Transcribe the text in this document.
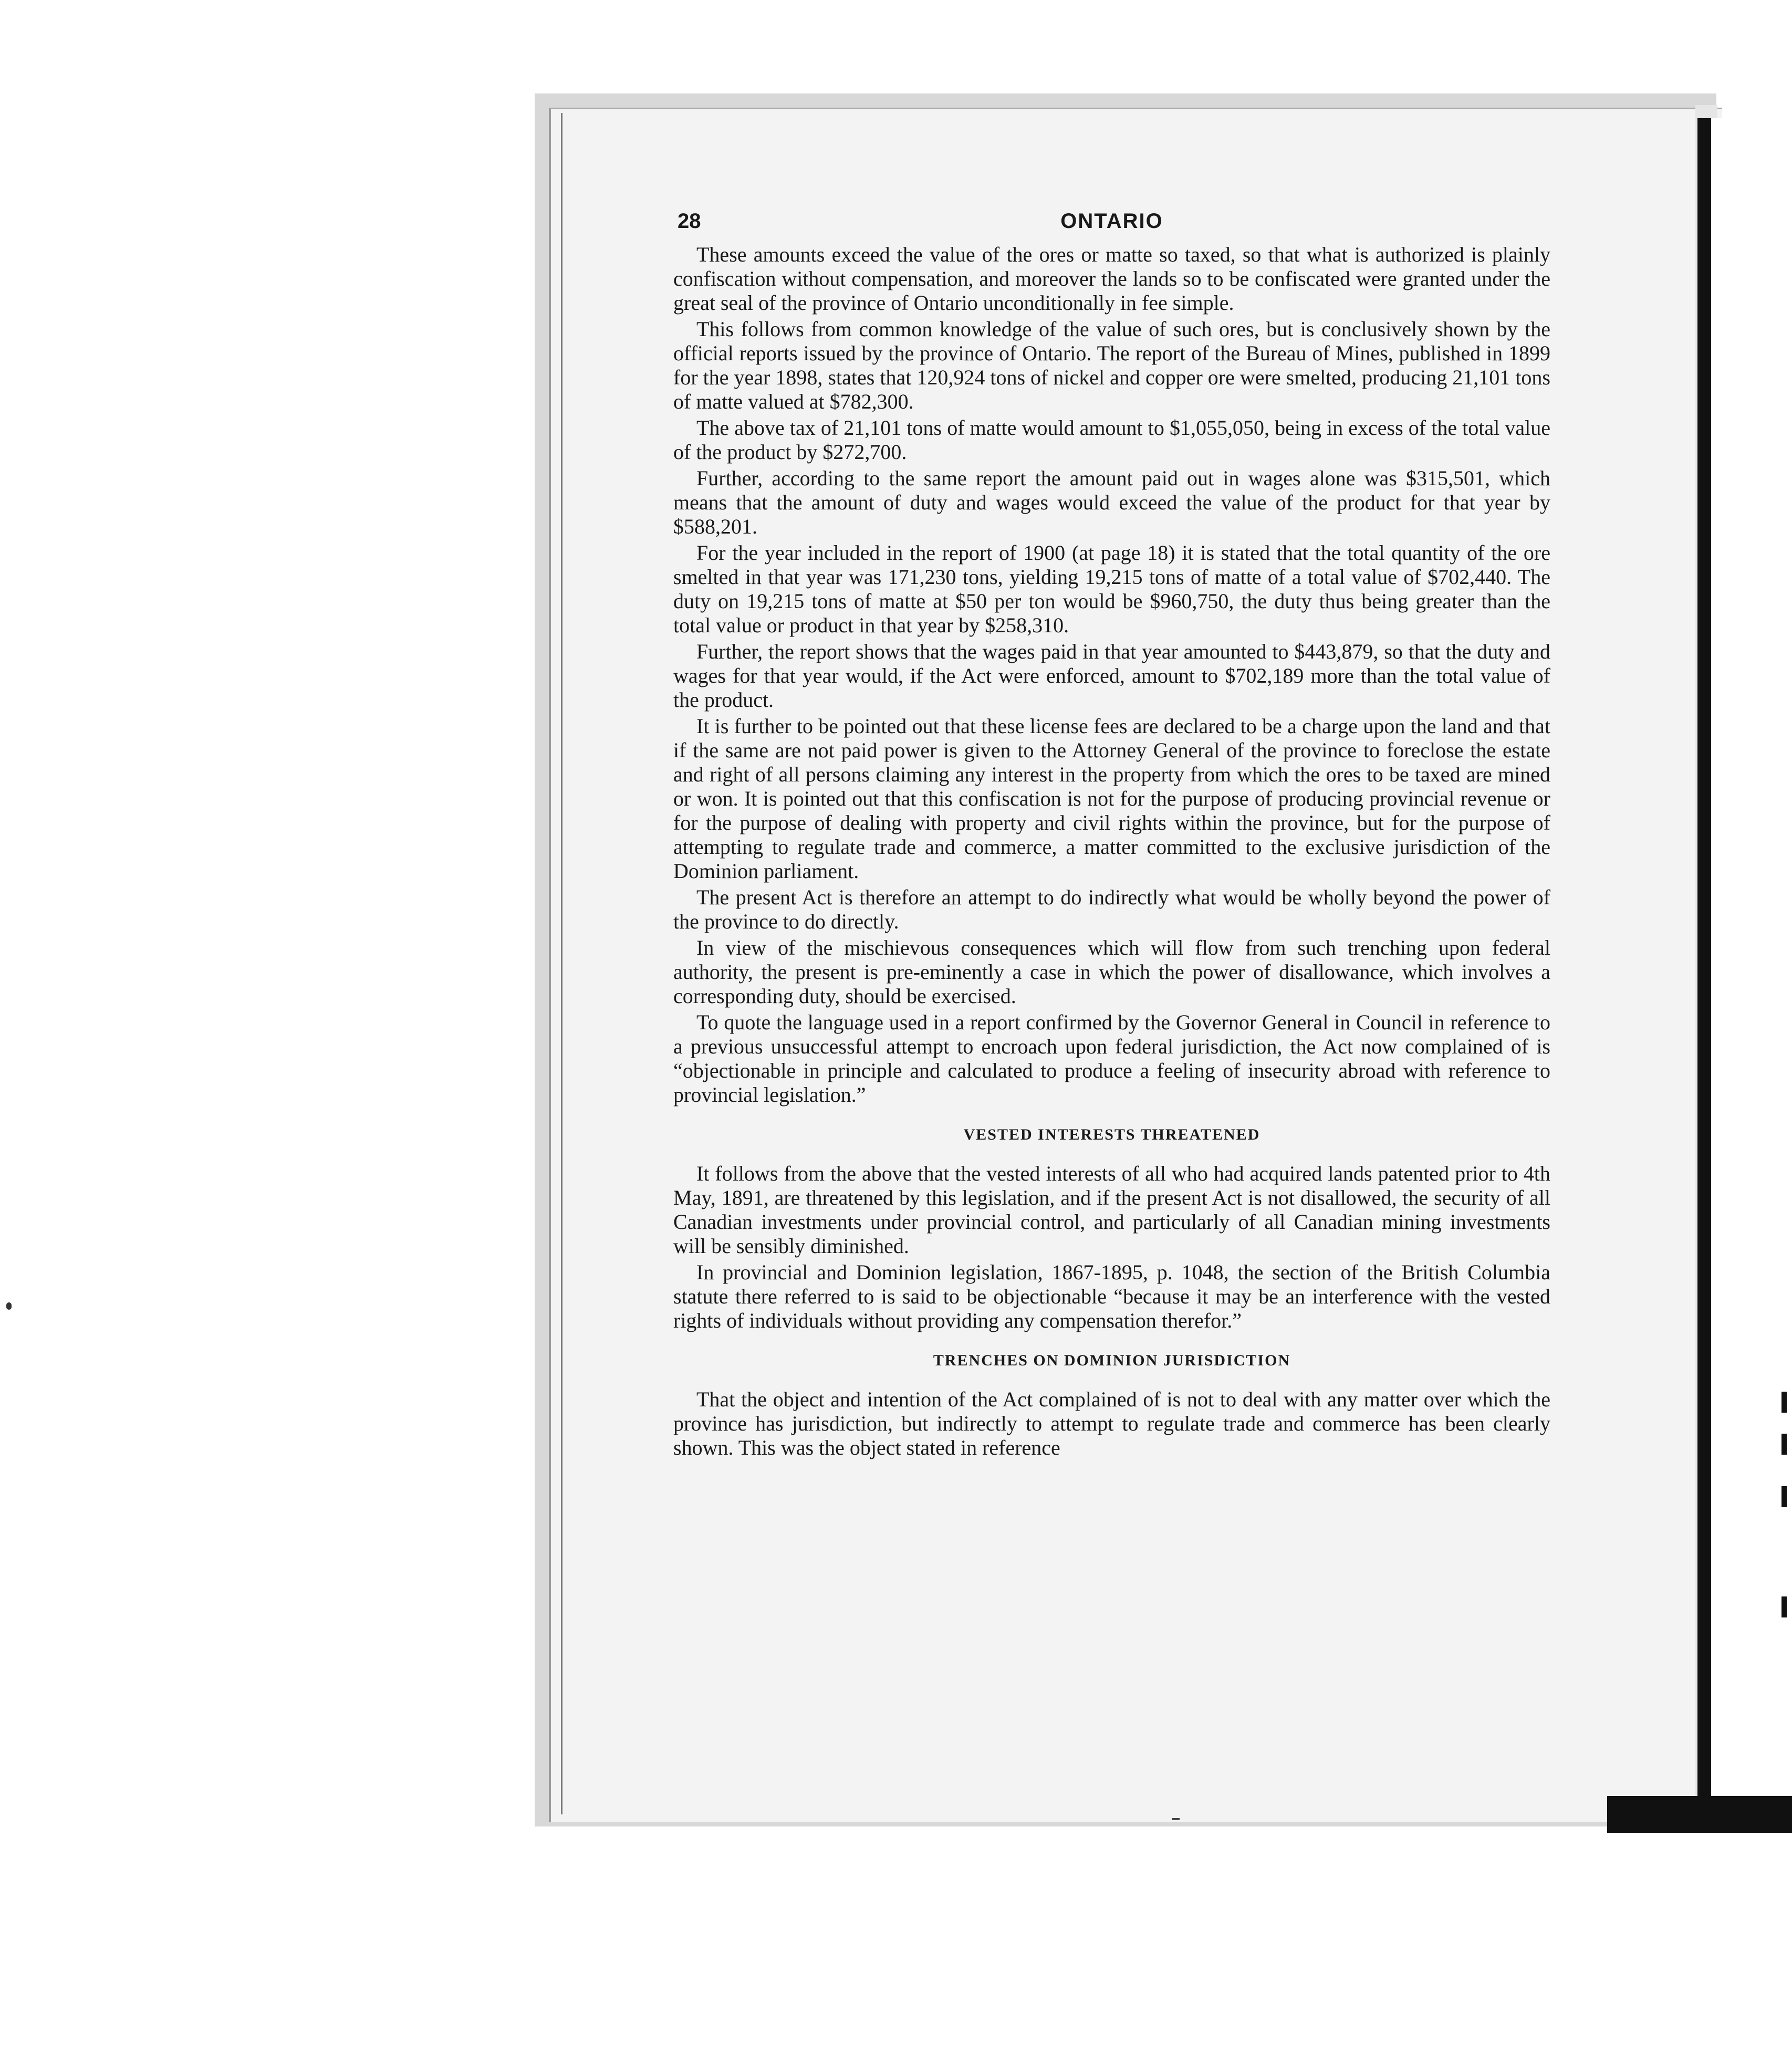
28	ONTARIO

These amounts exceed the value of the ores or matte so taxed, so that what is authorized is plainly confiscation without compensation, and moreover the lands so to be confiscated were granted under the great seal of the province of Ontario unconditionally in fee simple.

This follows from common knowledge of the value of such ores, but is conclusively shown by the official reports issued by the province of Ontario. The report of the Bureau of Mines, published in 1899 for the year 1898, states that 120,924 tons of nickel and copper ore were smelted, producing 21,101 tons of matte valued at $782,300.

The above tax of 21,101 tons of matte would amount to $1,055,050, being in excess of the total value of the product by $272,700.

Further, according to the same report the amount paid out in wages alone was $315,501, which means that the amount of duty and wages would exceed the value of the product for that year by $588,201.

For the year included in the report of 1900 (at page 18) it is stated that the total quantity of the ore smelted in that year was 171,230 tons, yielding 19,215 tons of matte of a total value of $702,440. The duty on 19,215 tons of matte at $50 per ton would be $960,750, the duty thus being greater than the total value or product in that year by $258,310.

Further, the report shows that the wages paid in that year amounted to $443,879, so that the duty and wages for that year would, if the Act were enforced, amount to $702,189 more than the total value of the product.

It is further to be pointed out that these license fees are declared to be a charge upon the land and that if the same are not paid power is given to the Attorney General of the province to foreclose the estate and right of all persons claiming any interest in the property from which the ores to be taxed are mined or won. It is pointed out that this confiscation is not for the purpose of producing provincial revenue or for the purpose of dealing with property and civil rights within the province, but for the purpose of attempting to regulate trade and commerce, a matter committed to the exclusive jurisdiction of the Dominion parliament.

The present Act is therefore an attempt to do indirectly what would be wholly beyond the power of the province to do directly.

In view of the mischievous consequences which will flow from such trenching upon federal authority, the present is pre-eminently a case in which the power of disallowance, which involves a corresponding duty, should be exercised.

To quote the language used in a report confirmed by the Governor General in Council in reference to a previous unsuccessful attempt to encroach upon federal jurisdiction, the Act now complained of is “objectionable in principle and calculated to produce a feeling of insecurity abroad with reference to provincial legislation.”

VESTED INTERESTS THREATENED

It follows from the above that the vested interests of all who had acquired lands patented prior to 4th May, 1891, are threatened by this legislation, and if the present Act is not disallowed, the security of all Canadian investments under provincial control, and particularly of all Canadian mining investments will be sensibly diminished.

In provincial and Dominion legislation, 1867-1895, p. 1048, the section of the British Columbia statute there referred to is said to be objectionable “because it may be an interference with the vested rights of individuals without providing any compensation therefor.”

TRENCHES ON DOMINION JURISDICTION

That the object and intention of the Act complained of is not to deal with any matter over which the province has jurisdiction, but indirectly to attempt to regulate trade and commerce has been clearly shown. This was the object stated in reference
